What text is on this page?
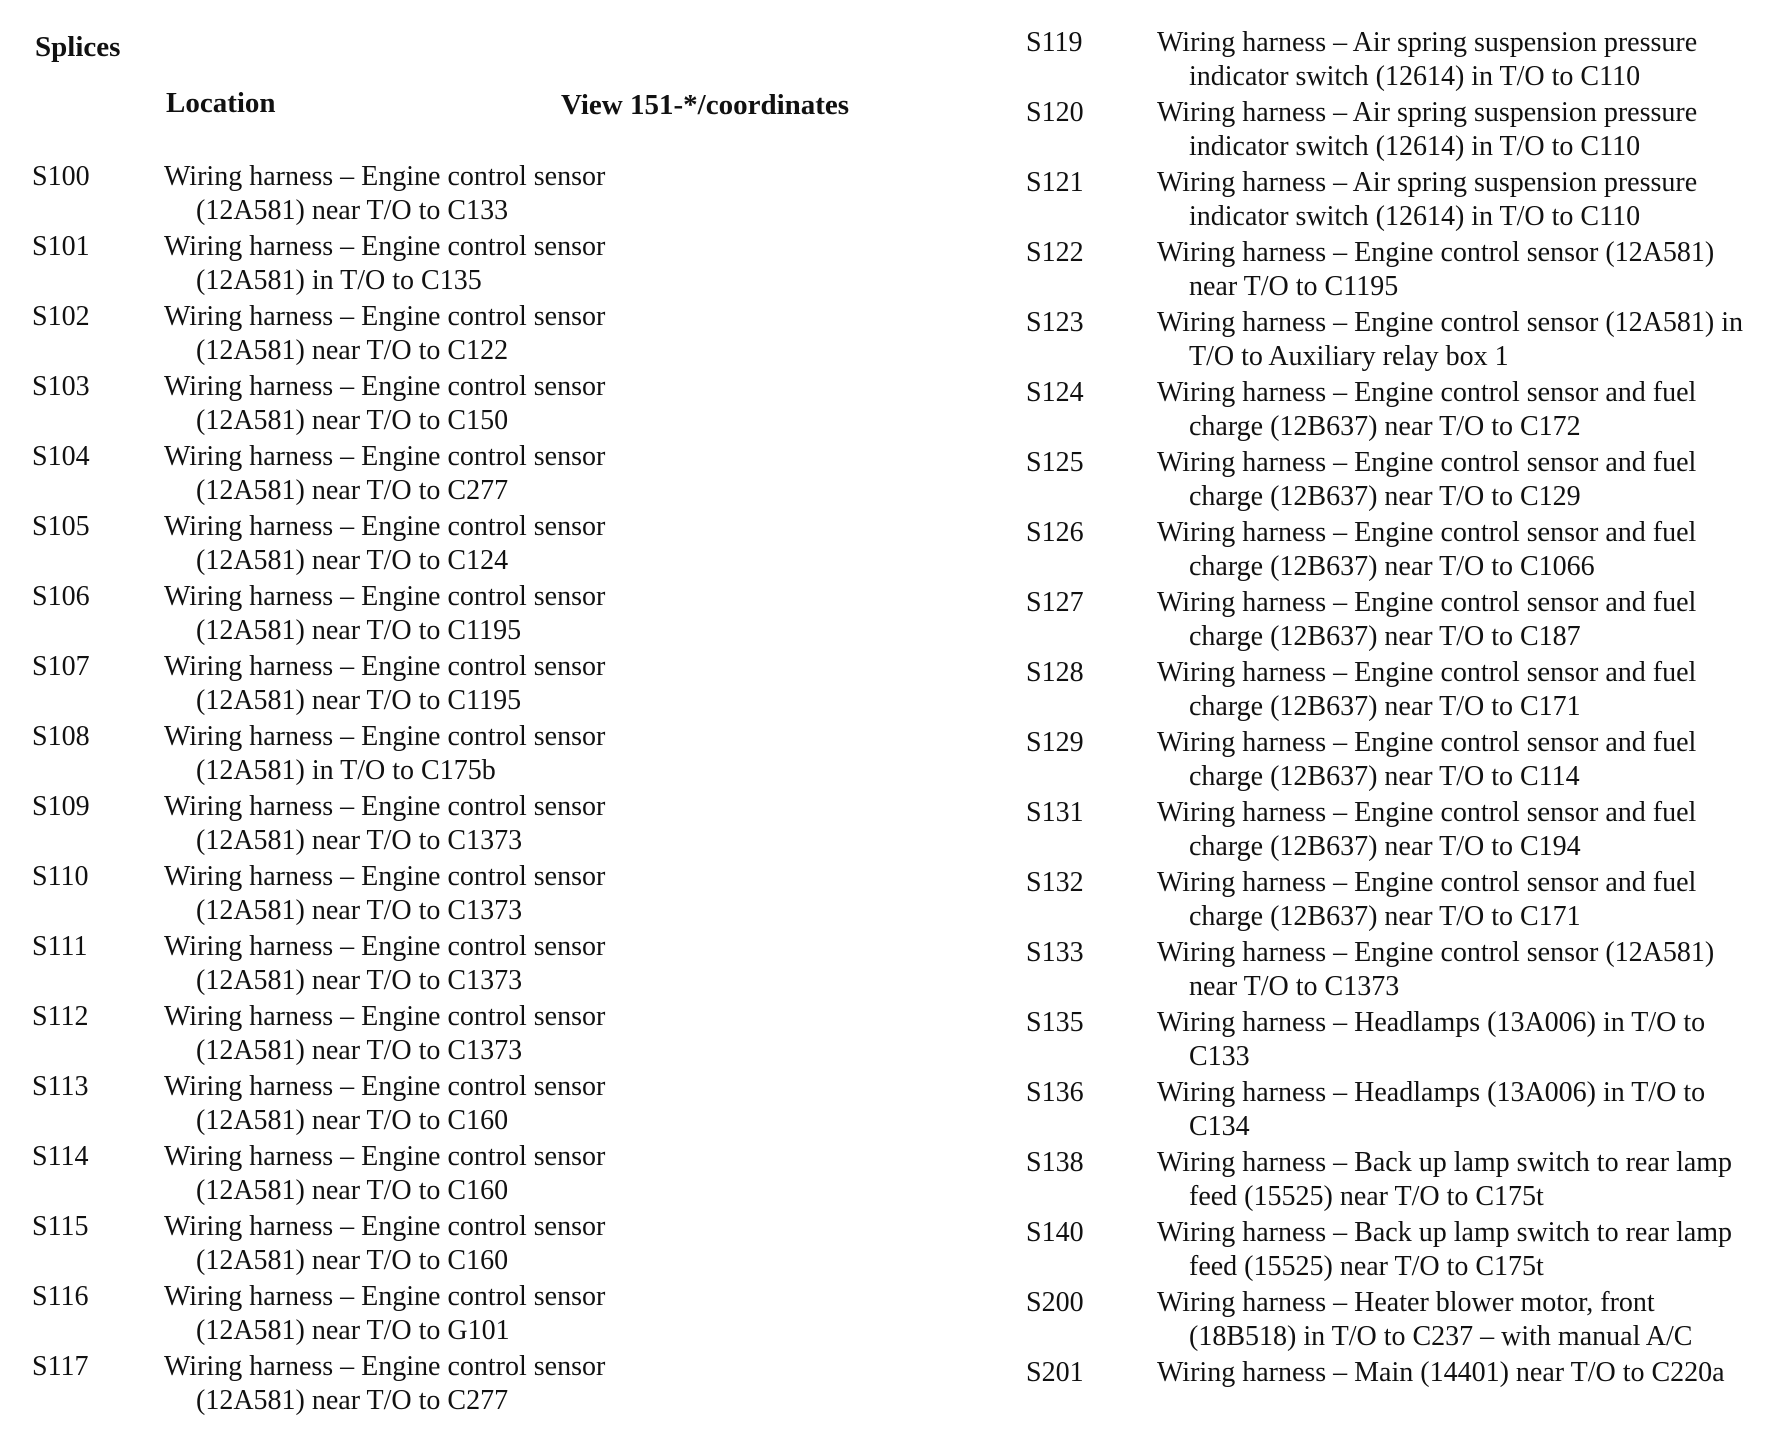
Splices
Location	View 151-*/coordinates
S100	Wiring harness – Engine control sensor (12A581) near T/O to C133
S101	Wiring harness – Engine control sensor (12A581) in T/O to C135
S102	Wiring harness – Engine control sensor (12A581) near T/O to C122
S103	Wiring harness – Engine control sensor (12A581) near T/O to C150
S104	Wiring harness – Engine control sensor (12A581) near T/O to C277
S105	Wiring harness – Engine control sensor (12A581) near T/O to C124
S106	Wiring harness – Engine control sensor (12A581) near T/O to C1195
S107	Wiring harness – Engine control sensor (12A581) near T/O to C1195
S108	Wiring harness – Engine control sensor (12A581) in T/O to C175b
S109	Wiring harness – Engine control sensor (12A581) near T/O to C1373
S110	Wiring harness – Engine control sensor (12A581) near T/O to C1373
S111	Wiring harness – Engine control sensor (12A581) near T/O to C1373
S112	Wiring harness – Engine control sensor (12A581) near T/O to C1373
S113	Wiring harness – Engine control sensor (12A581) near T/O to C160
S114	Wiring harness – Engine control sensor (12A581) near T/O to C160
S115	Wiring harness – Engine control sensor (12A581) near T/O to C160
S116	Wiring harness – Engine control sensor (12A581) near T/O to G101
S117	Wiring harness – Engine control sensor (12A581) near T/O to C277
S119	Wiring harness – Air spring suspension pressure indicator switch (12614) in T/O to C110
S120	Wiring harness – Air spring suspension pressure indicator switch (12614) in T/O to C110
S121	Wiring harness – Air spring suspension pressure indicator switch (12614) in T/O to C110
S122	Wiring harness – Engine control sensor (12A581) near T/O to C1195
S123	Wiring harness – Engine control sensor (12A581) in T/O to Auxiliary relay box 1
S124	Wiring harness – Engine control sensor and fuel charge (12B637) near T/O to C172
S125	Wiring harness – Engine control sensor and fuel charge (12B637) near T/O to C129
S126	Wiring harness – Engine control sensor and fuel charge (12B637) near T/O to C1066
S127	Wiring harness – Engine control sensor and fuel charge (12B637) near T/O to C187
S128	Wiring harness – Engine control sensor and fuel charge (12B637) near T/O to C171
S129	Wiring harness – Engine control sensor and fuel charge (12B637) near T/O to C114
S131	Wiring harness – Engine control sensor and fuel charge (12B637) near T/O to C194
S132	Wiring harness – Engine control sensor and fuel charge (12B637) near T/O to C171
S133	Wiring harness – Engine control sensor (12A581) near T/O to C1373
S135	Wiring harness – Headlamps (13A006) in T/O to C133
S136	Wiring harness – Headlamps (13A006) in T/O to C134
S138	Wiring harness – Back up lamp switch to rear lamp feed (15525) near T/O to C175t
S140	Wiring harness – Back up lamp switch to rear lamp feed (15525) near T/O to C175t
S200	Wiring harness – Heater blower motor, front (18B518) in T/O to C237 – with manual A/C
S201	Wiring harness – Main (14401) near T/O to C220a
